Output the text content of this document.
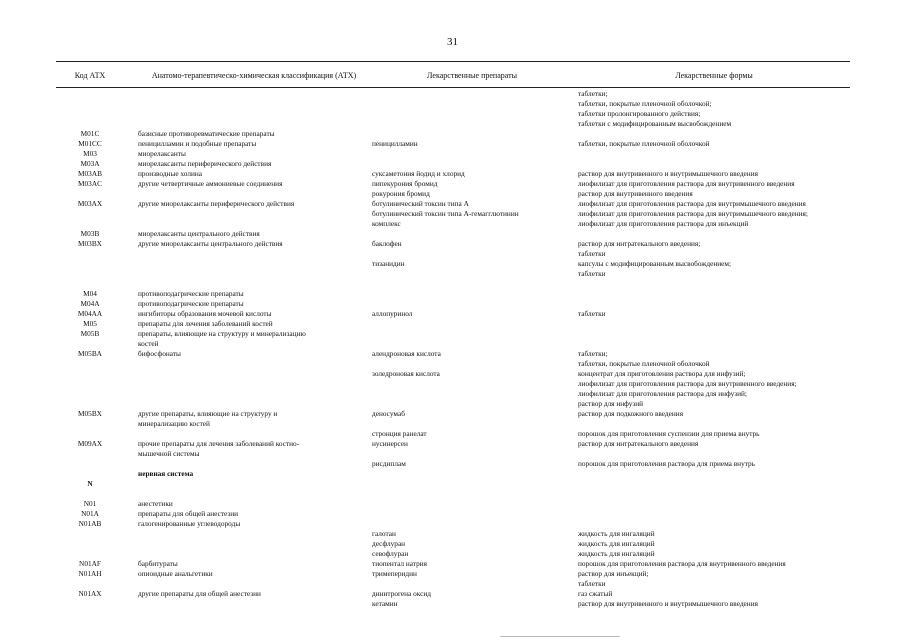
31
Код АТХ	Анатомо-терапевтическо-химическая классификация (АТХ)	Лекарственные препараты	Лекарственные формы
таблетки;
таблетки, покрытые пленочной оболочкой;
таблетки пролонгированного действия;
таблетки с модифицированным высвобождением
M01C	базисные противоревматические препараты
M01CC	пеницилламин и подобные препараты	пеницилламин	таблетки, покрытые пленочной оболочкой
M03	миорелаксанты
M03A	миорелаксанты периферического действия
M03AB	производные холина	суксаметония йодид и хлорид	раствор для внутривенного и внутримышечного введения
M03AC	другие четвертичные аммониевые соединения	пипекурония бромид	лиофилизат для приготовления раствора для внутривенного введения
рокурония бромид	раствор для внутривенного введения
M03AX	другие миорелаксанты периферического действия	ботулинический токсин типа А	лиофилизат для приготовления раствора для внутримышечного введения
ботулинический токсин типа А-гемагглютинин	лиофилизат для приготовления раствора для внутримышечного введения;
комплекс	лиофилизат для приготовления раствора для инъекций
M03B	миорелаксанты центрального действия
M03BX	другие миорелаксанты центрального действия	баклофен	раствор для интратекального введения;
таблетки
тизанидин	капсулы с модифицированным высвобождением;
таблетки
M04	противоподагрические препараты
M04A	противоподагрические препараты
M04AA	ингибиторы образования мочевой кислоты	аллопуринол	таблетки
M05	препараты для лечения заболеваний костей
M05B	препараты, влияющие на структуру и минерализацию
костей
M05BA	бифосфонаты	алендроновая кислота	таблетки;
таблетки, покрытые пленочной оболочкой
золедроновая кислота	концентрат для приготовления раствора для инфузий;
лиофилизат для приготовления раствора для внутривенного введения;
лиофилизат для приготовления раствора для инфузий;
раствор для инфузий
M05BX	другие препараты, влияющие на структуру и	деносумаб	раствор для подкожного введения
минерализацию костей
стронция ранелат	порошок для приготовления суспензии для приема внутрь
M09AX	прочие препараты для лечения заболеваний костно-	нусинерсен	раствор для интратекального введения
мышечной системы
рисдиплам	порошок для приготовления раствора для приема внутрь
нервная система
N
N01	анестетики
N01A	препараты для общей анестезии
N01AB	галогенированные углеводороды
галотан	жидкость для ингаляций
десфлуран	жидкость для ингаляций
севофлуран	жидкость для ингаляций
N01AF	барбитураты	тиопентал натрия	порошок для приготовления раствора для внутривенного введения
N01AH	опиоидные анальгетики	тримеперидин	раствор для инъекций;
таблетки
N01AX	другие препараты для общей анестезии	динитрогена оксид	газ сжатый
кетамин	раствор для внутривенного и внутримышечного введения
